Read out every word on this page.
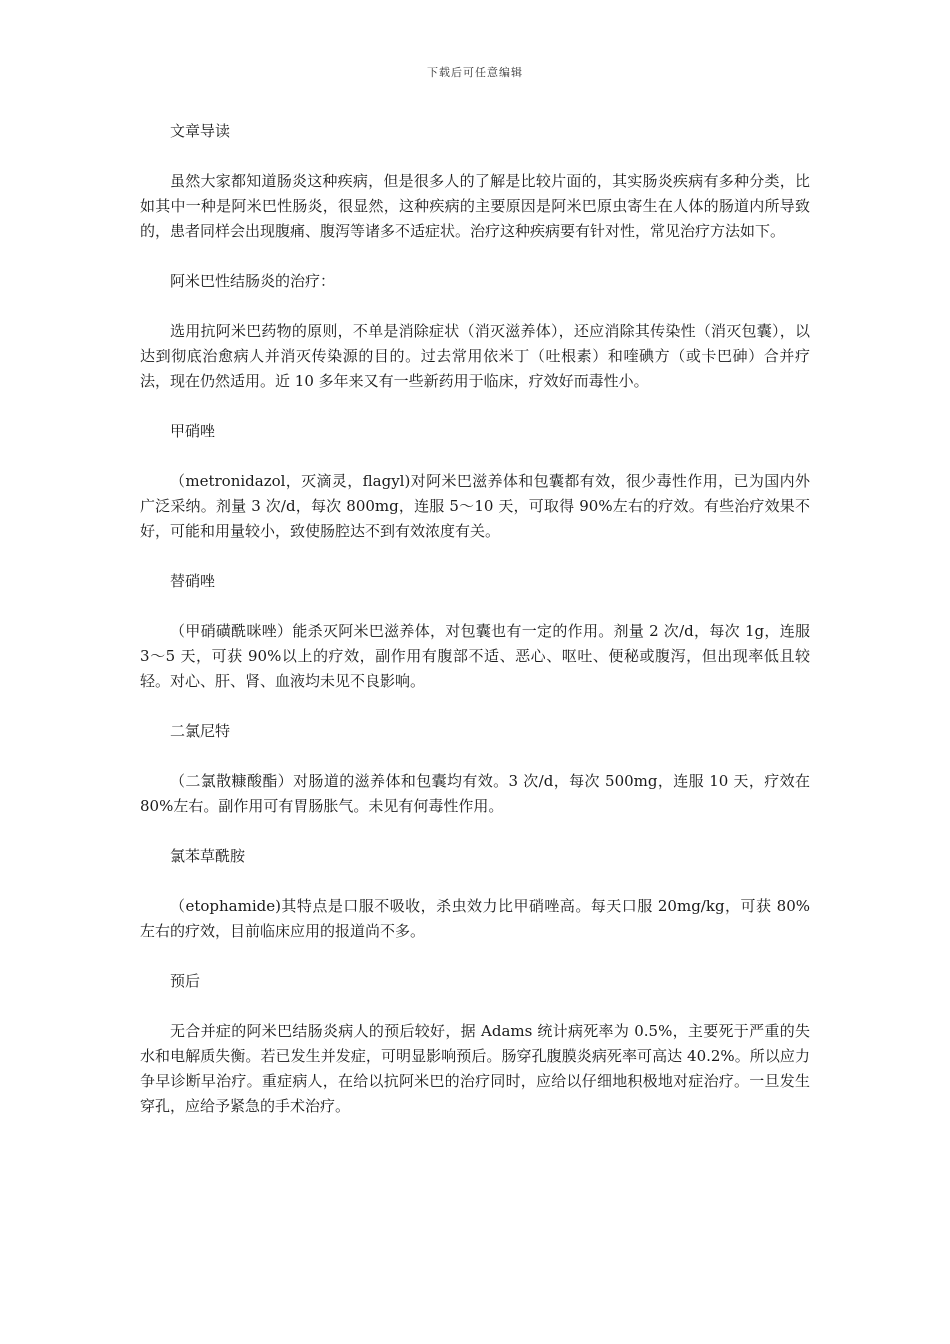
下载后可任意编辑

文章导读

虽然大家都知道肠炎这种疾病，但是很多人的了解是比较片面的，其实肠炎疾病有多种分类，比如其中一种是阿米巴性肠炎，很显然，这种疾病的主要原因是阿米巴原虫寄生在人体的肠道内所导致的，患者同样会出现腹痛、腹泻等诸多不适症状。治疗这种疾病要有针对性，常见治疗方法如下。

阿米巴性结肠炎的治疗：

选用抗阿米巴药物的原则，不单是消除症状（消灭滋养体），还应消除其传染性（消灭包囊），以达到彻底治愈病人并消灭传染源的目的。过去常用依米丁（吐根素）和喹碘方（或卡巴砷）合并疗法，现在仍然适用。近 10 多年来又有一些新药用于临床，疗效好而毒性小。

甲硝唑

（metronidazol，灭滴灵，flagyl)对阿米巴滋养体和包囊都有效，很少毒性作用，已为国内外广泛采纳。剂量 3 次/d，每次 800mg，连服 5～10 天，可取得 90%左右的疗效。有些治疗效果不好，可能和用量较小，致使肠腔达不到有效浓度有关。

替硝唑

（甲硝磺酰咪唑）能杀灭阿米巴滋养体，对包囊也有一定的作用。剂量 2 次/d，每次 1g，连服 3～5 天，可获 90%以上的疗效，副作用有腹部不适、恶心、呕吐、便秘或腹泻，但出现率低且较轻。对心、肝、肾、血液均未见不良影响。

二氯尼特

（二氯散糠酸酯）对肠道的滋养体和包囊均有效。3 次/d，每次 500mg，连服 10 天，疗效在 80%左右。副作用可有胃肠胀气。未见有何毒性作用。

氯苯草酰胺

（etophamide)其特点是口服不吸收，杀虫效力比甲硝唑高。每天口服 20mg/kg，可获 80%左右的疗效，目前临床应用的报道尚不多。

预后

无合并症的阿米巴结肠炎病人的预后较好，据 Adams 统计病死率为 0.5%，主要死于严重的失水和电解质失衡。若已发生并发症，可明显影响预后。肠穿孔腹膜炎病死率可高达 40.2%。所以应力争早诊断早治疗。重症病人，在给以抗阿米巴的治疗同时，应给以仔细地积极地对症治疗。一旦发生穿孔，应给予紧急的手术治疗。
